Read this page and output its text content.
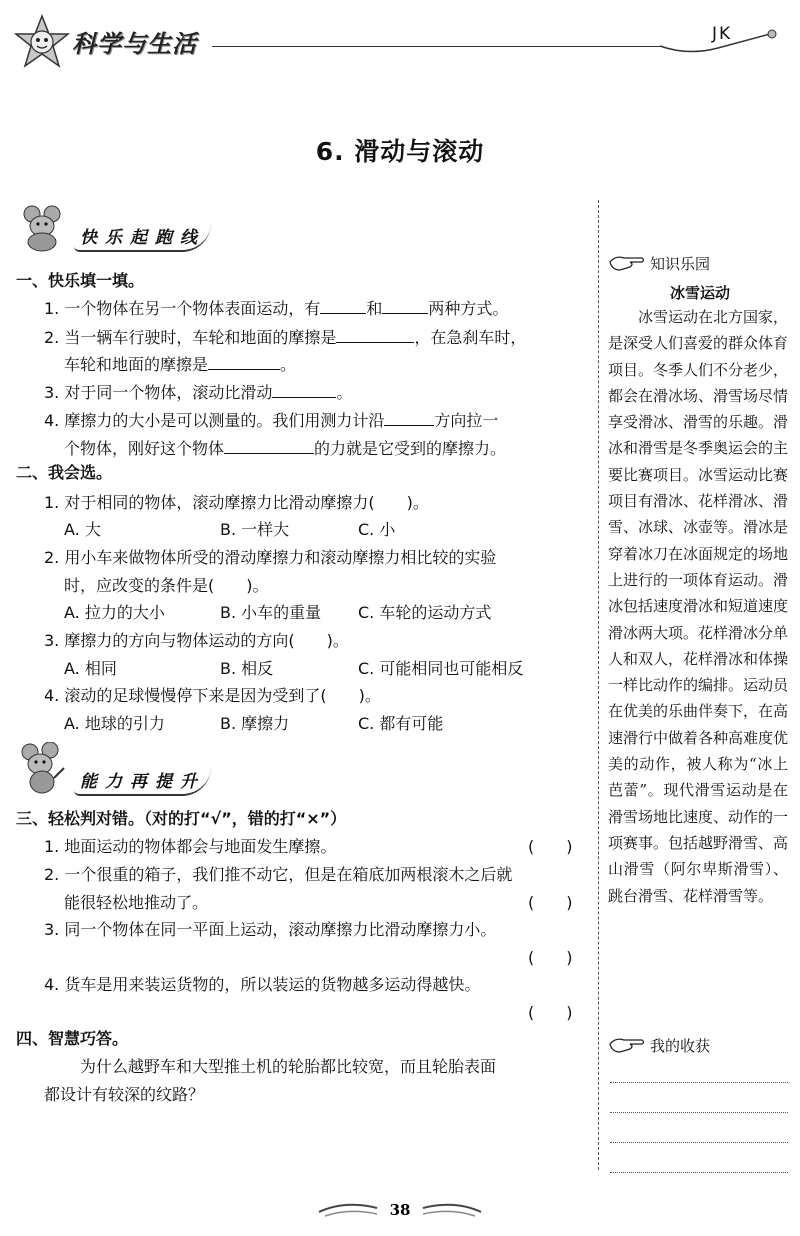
科学与生活	JK
6. 滑动与滚动
知识乐园
冰雪运动
冰雪运动在北方国家，是深受人们喜爱的群众体育项目。冬季人们不分老少，都会在滑冰场、滑雪场尽情享受滑冰、滑雪的乐趣。滑冰和滑雪是冬季奥运会的主要比赛项目。冰雪运动比赛项目有滑冰、花样滑冰、滑雪、冰球、冰壶等。滑冰是穿着冰刀在冰面规定的场地上进行的一项体育运动。滑冰包括速度滑冰和短道速度滑冰两大项。花样滑冰分单人和双人，花样滑冰和体操一样比动作的编排。运动员在优美的乐曲伴奏下，在高速滑行中做着各种高难度优美的动作，被人称为“冰上芭蕾”。现代滑雪运动是在滑雪场地比速度、动作的一项赛事。包括越野滑雪、高山滑雪（阿尔卑斯滑雪）、跳台滑雪、花样滑雪等。
我的收获
快乐起跑线
一、快乐填一填。
1. 一个物体在另一个物体表面运动，有	和	两种方式。
2. 当一辆车行驶时，车轮和地面的摩擦是	，在急刹车时，
车轮和地面的摩擦是	。
3. 对于同一个物体，滚动比滑动	。
4. 摩擦力的大小是可以测量的。我们用测力计沿	方向拉一
个物体，刚好这个物体	的力就是它受到的摩擦力。
二、我会选。
1. 对于相同的物体，滚动摩擦力比滑动摩擦力(　　)。
A. 大	B. 一样大	C. 小
2. 用小车来做物体所受的滑动摩擦力和滚动摩擦力相比较的实验
时，应改变的条件是(　　)。
A. 拉力的大小	B. 小车的重量 C. 车轮的运动方式
3. 摩擦力的方向与物体运动的方向(　　)。
A. 相同	B. 相反	C. 可能相同也可能相反
4. 滚动的足球慢慢停下来是因为受到了(　　)。
A. 地球的引力	B. 摩擦力	C. 都有可能
能力再提升
三、轻松判对错。（对的打“√”，错的打“×”）
1. 地面运动的物体都会与地面发生摩擦。	(　　)
2. 一个很重的箱子，我们推不动它，但是在箱底加两根滚木之后就
能很轻松地推动了。	(　　)
3. 同一个物体在同一平面上运动，滚动摩擦力比滑动摩擦力小。
(　　)
4. 货车是用来装运货物的，所以装运的货物越多运动得越快。
(　　)
四、智慧巧答。
为什么越野车和大型推土机的轮胎都比较宽，而且轮胎表面
都设计有较深的纹路？
38
